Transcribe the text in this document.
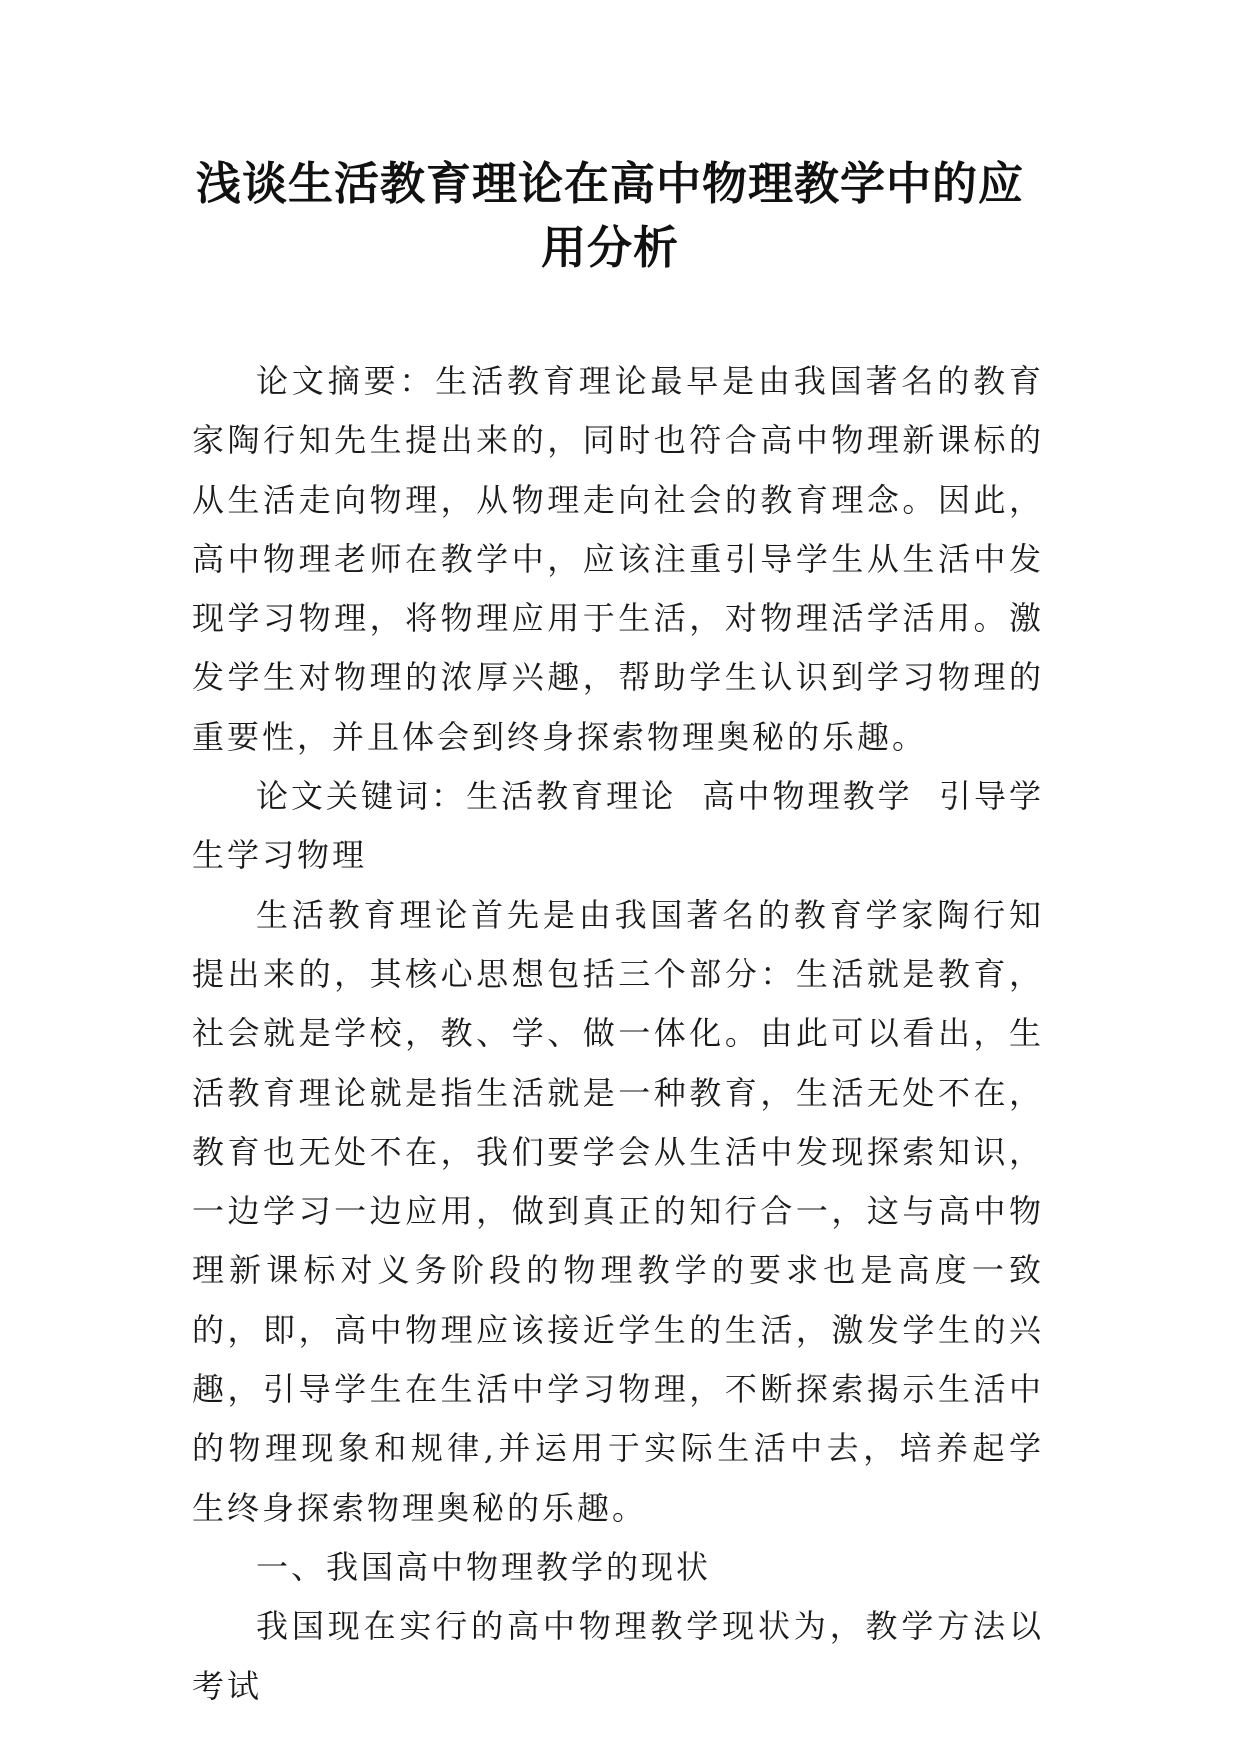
浅谈生活教育理论在高中物理教学中的应
用分析

论文摘要：生活教育理论最早是由我国著名的教育家陶行知先生提出来的，同时也符合高中物理新课标的从生活走向物理，从物理走向社会的教育理念。因此，高中物理老师在教学中，应该注重引导学生从生活中发现学习物理，将物理应用于生活，对物理活学活用。激发学生对物理的浓厚兴趣，帮助学生认识到学习物理的重要性，并且体会到终身探索物理奥秘的乐趣。

论文关键词：生活教育理论  高中物理教学  引导学生学习物理

生活教育理论首先是由我国著名的教育学家陶行知提出来的，其核心思想包括三个部分：生活就是教育，社会就是学校，教、学、做一体化。由此可以看出，生活教育理论就是指生活就是一种教育，生活无处不在，教育也无处不在，我们要学会从生活中发现探索知识，一边学习一边应用，做到真正的知行合一，这与高中物理新课标对义务阶段的物理教学的要求也是高度一致的，即，高中物理应该接近学生的生活，激发学生的兴趣，引导学生在生活中学习物理，不断探索揭示生活中的物理现象和规律,并运用于实际生活中去，培养起学生终身探索物理奥秘的乐趣。

一、我国高中物理教学的现状

我国现在实行的高中物理教学现状为，教学方法以考试
